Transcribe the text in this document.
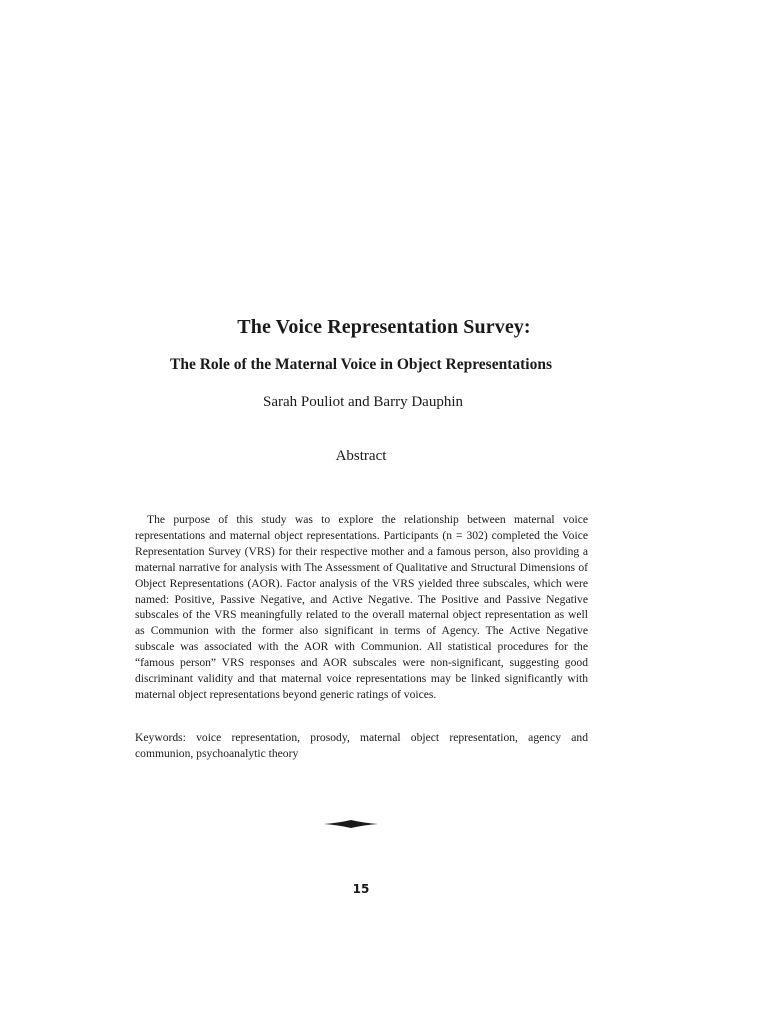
The Voice Representation Survey:
The Role of the Maternal Voice in Object Representations
Sarah Pouliot and Barry Dauphin
Abstract

The purpose of this study was to explore the relationship between maternal voice representations and maternal object representations. Participants (n = 302) completed the Voice Representation Survey (VRS) for their respective mother and a famous person, also providing a maternal narrative for analysis with The Assessment of Qualitative and Structural Dimensions of Object Representations (AOR). Factor analysis of the VRS yielded three subscales, which were named: Positive, Passive Negative, and Active Negative. The Positive and Passive Negative subscales of the VRS meaningfully related to the overall maternal object representation as well as Communion with the former also significant in terms of Agency. The Active Negative subscale was associated with the AOR with Communion. All statistical procedures for the “famous person” VRS responses and AOR subscales were non-significant, suggesting good discriminant validity and that maternal voice representations may be linked significantly with maternal object representations beyond generic ratings of voices.

Keywords: voice representation, prosody, maternal object representation, agency and communion, psychoanalytic theory

15
